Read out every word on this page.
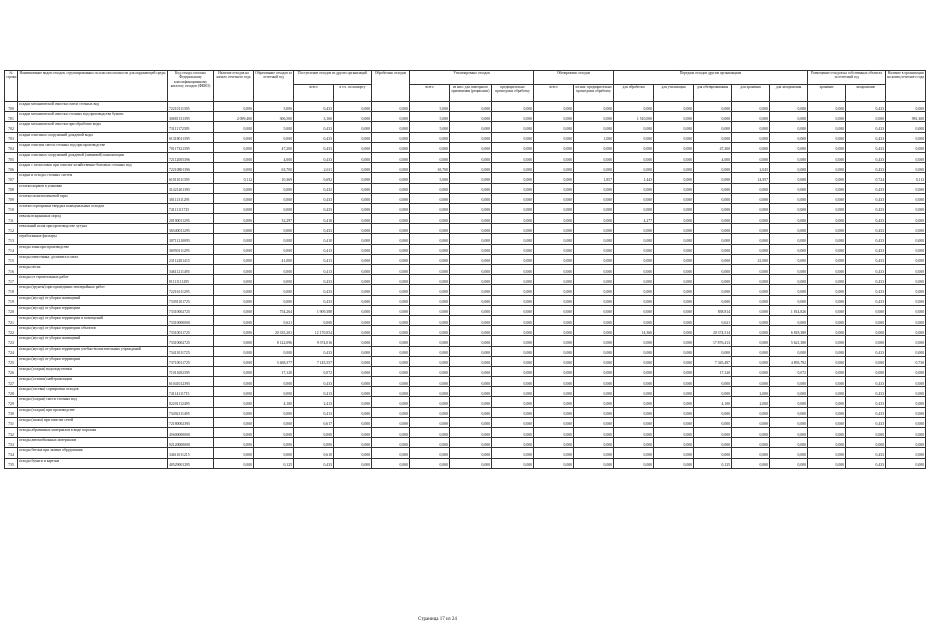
№ строки	Наименование видов отходов, сгруппированных по классам опасности для окружающей среды	Код отхода согласно Федеральному классификационному каталогу отходов (ФККО)	Наличие отходов на начало отчетного года	Образование отходов за отчетный год	Поступление отходов из других организаций		Обработано отходов	Утилизировано отходов			Обезврежено отходов		Передача отходов другим организациям					Размещение отходов на собственных объектах за отчетный год		Наличие в организации на конец отчетного года
					всего	в т.ч. по импорту		всего	из них: для повторного применения (рециклинг)	предварительно прошедших обработку	всего	из них: предварительно прошедших обработку	для обработки	для утилизации	для обезвреживания	для хранения	для захоронения	хранение	захоронение	
700	осадки механической очистки смеси сточных вод	72210111395	0,000	5,000	0,433	0,000	0,000	5,000	0,000	0,000	0,000	0,000	0,000	0,000	0,000	0,000	0,000	0,000	0,433	0,000
701	осадки механической очистки сточных вод производства бумаги	30681131395	2 099,400	306,500	3,160	0,000	0,000	5,000	0,000	0,000	0,000	0,000	1 510,000	0,000	0,000	0,000	0,000	0,000	0,000	981,300
702	осадки механической очистки при обработке воды	73111172395	0,000	5,000	0,433	0,000	0,000	5,000	0,000	0,000	0,000	0,000	0,000	0,000	0,000	0,000	0,000	0,000	0,433	0,000
703	осадки очистных сооружений дождевой воды	61318011395	0,000	0,000	0,433	0,000	0,000	0,000	0,000	0,000	0,000	1,000	0,000	0,000	0,000	0,000	0,000	0,000	0,433	0,000
704	осадки очистки смеси сточных вод при производстве	70117321395	0,000	47,200	0,433	0,000	0,000	0,000	0,000	0,000	0,000	0,000	0,000	0,000	47,200	0,000	0,000	0,000	0,433	0,000
705	осадки очистных сооружений дождевой (ливневой) канализации	72112005396	0,000	4,000	0,433	0,000	0,000	0,000	0,000	0,000	0,000	0,000	0,000	0,000	4,000	0,000	0,000	0,000	0,433	0,000
706	осадки с песколовок при очистке хозяйственно-бытовых сточных вод	72210801396	0,000	63,700	2,611	0,000	0,000	63,700	0,000	0,000	0,000	0,000	0,000	0,000	0,000	2,045	0,000	0,000	0,433	0,000
707	осадки и отходы сточных систем	61011011395	0,112	10,369	0,692	0,000	0,000	5,000	0,000	0,000	0,000	1,857	1,443	0,000	0,000	14,957	0,000	0,000	0,724	0,112
708	остатки кормов в упаковке	31421201395	0,000	0,000	0,432	0,000	0,000	0,000	0,000	0,000	0,000	0,000	0,000	0,000	0,000	0,000	0,000	0,000	0,433	0,000
709	остатки полиэтиленовой тары	30111311295	0,000	0,000	0,433	0,000	0,000	0,000	0,000	0,000	0,000	0,000	0,000	0,000	0,000	0,000	0,000	0,000	0,433	0,000
710	остатки сортировки твердых коммунальных отходов	74111111725	0,000	0,000	0,433	0,000	0,000	0,000	0,000	0,000	0,000	0,000	0,000	0,000	0,000	0,000	0,000	0,000	0,433	0,000
711	отвалы вскрышных пород	20190011295	0,000	32,297	0,410	0,000	0,000	0,000	0,000	0,000	0,000	0,000	4,277	0,000	0,000	0,000	0,000	0,000	0,433	0,000
712	отвальный шлак при производстве чугуна	36540011295	0,000	0,000	0,433	0,000	0,000	0,000	0,000	0,000	0,000	0,000	0,000	0,000	0,000	0,000	0,000	0,000	0,433	0,000
713	отработанные фильтры	30711210095	0,000	0,000	0,410	0,000	0,000	0,000	0,000	0,000	0,000	0,000	0,000	0,000	0,000	0,000	0,000	0,000	0,433	0,000
714	отходы зоны при производстве	36950111295	0,000	0,000	0,413	0,000	0,000	0,000	0,000	0,000	0,000	0,000	0,000	0,000	0,000	0,000	0,000	0,000	0,433	0,000
715	отходы известняка, доломита и мела	23112201415	0,000	41,000	0,413	0,000	0,000	0,000	0,000	0,000	0,000	0,000	0,000	0,000	0,000	41,000	0,000	0,000	0,433	0,000
716	отходы песка	34611211495	0,000	0,000	0,413	0,000	0,000	0,000	0,000	0,000	0,000	0,000	0,000	0,000	0,000	0,000	0,000	0,000	0,433	0,000
717	отходы от строительных работ	81111111295	0,000	0,000	0,433	0,000	0,000	0,000	0,000	0,000	0,000	0,000	0,000	0,000	0,000	0,000	0,000	0,000	0,433	0,000
718	отходы (грунты) при проведении землеройных работ	72216111295	0,000	0,000	0,433	0,000	0,000	0,000	0,000	0,000	0,000	0,000	0,000	0,000	0,000	0,000	0,000	0,000	0,433	0,000
719	отходы (мусор) от уборки помещений	73391101725	0,000	0,000	0,433	0,000	0,000	0,000	0,000	0,000	0,000	0,000	0,000	0,000	0,000	0,000	0,000	0,000	0,433	0,000
720	отходы (мусор) от уборки территории	73310002725	0,000	754,264	1 909,388	0,000	0,000	0,000	0,000	0,000	0,000	0,000	0,000	0,000	858,814	0,000	1 814,826	0,000	0,000	0,000
721	отходы (мусор) от уборки территории и помещений	73310000000	0,000	0,621	0,000	0,000	0,000	0,000	0,000	0,000	0,000	0,000	0,000	0,000	0,621	0,000	0,000	0,000	0,000	0,000
722	отходы (мусор) от уборки территории объектов	73310011725	0,000	20 335,201	12 170,054	0,000	0,000	0,000	0,000	0,000	0,000	0,000	14,360	0,000	20 374,514	0,000	6 818,380	0,000	0,000	0,000
723	отходы (мусор) от уборки помещений	73310002725	0,000	8 122,096	9 374,016	0,000	0,000	0,000	0,000	0,000	0,000	0,000	0,000	0,000	17 876,413	0,000	5 621,380	0,000	0,000	0,000
724	отходы (мусор) от уборки территории учебно-воспитательных учреждений	73411011725	0,000	0,000	0,433	0,000	0,000	0,000	0,000	0,000	0,000	0,000	0,000	0,000	0,000	0,000	0,000	0,000	0,433	0,000
725	отходы (мусор) от уборки территории	73710011725	0,000	5 468,377	7 145,557	0,000	0,000	0,000	0,000	0,000	0,000	0,000	0,000	0,000	7 345,497	0,000	4 893,782	0,000	0,000	0,730
726	отходы (осадки) водоподготовки	71011002395	0,000	17,120	0,072	0,000	0,000	0,000	0,000	0,000	0,000	0,000	0,000	0,000	17,120	0,000	0,072	0,000	0,000	0,000
727	отходы (остатки) нейтрализации	61041012395	0,000	0,000	0,433	0,000	0,000	0,000	0,000	0,000	0,000	0,000	0,000	0,000	0,000	0,000	0,000	0,000	0,433	0,000
728	отходы (отсевы) сортировки отходов	74114111715	0,000	0,000	0,413	0,000	0,000	0,000	0,000	0,000	0,000	0,000	0,000	0,000	0,000	2,000	0,000	0,000	0,433	0,000
729	отходы (осадки) смеси сточных вод	82201112495	0,000	4,100	2,413	0,000	0,000	0,000	0,000	0,000	0,000	0,000	0,000	0,000	4,100	2,000	0,000	0,000	0,433	0,000
730	отходы (осадки) при производстве	73492111495	0,000	0,000	0,413	0,000	0,000	0,000	0,000	0,000	0,000	0,000	0,000	0,000	0,000	0,000	0,000	0,000	0,433	0,000
731	отходы (шлам) при очистке сетей	72180002395	0,000	0,000	0,617	0,000	0,000	0,000	0,000	0,000	0,000	0,000	0,000	0,000	0,000	0,000	0,000	0,000	0,433	0,000
732	отходы абразивных материалов в виде порошка	45600000000	0,000	0,000	0,000	0,000	0,000	0,000	0,000	0,000	0,000	0,000	0,000	0,000	0,000	0,000	0,000	0,000	0,000	0,000
733	отходы автомобильных материалов	92120000000	0,000	0,000	0,000	0,000	0,000	0,000	0,000	0,000	0,000	0,000	0,000	0,000	0,000	0,000	0,000	0,000	0,000	0,000
734	отходы бетона при замене обрудования	34611011215	0,000	0,000	0,610	0,000	0,000	0,000	0,000	0,000	0,000	0,000	0,000	0,000	0,000	0,000	0,000	0,000	0,433	0,000
735	отходы бумаги и картона	40529001295	0,000	0,125	0,433	0,000	0,000	0,000	0,000	0,000	0,000	0,000	0,000	0,000	0,125	0,000	0,000	0,000	0,433	0,000
Страница 17 из 24
